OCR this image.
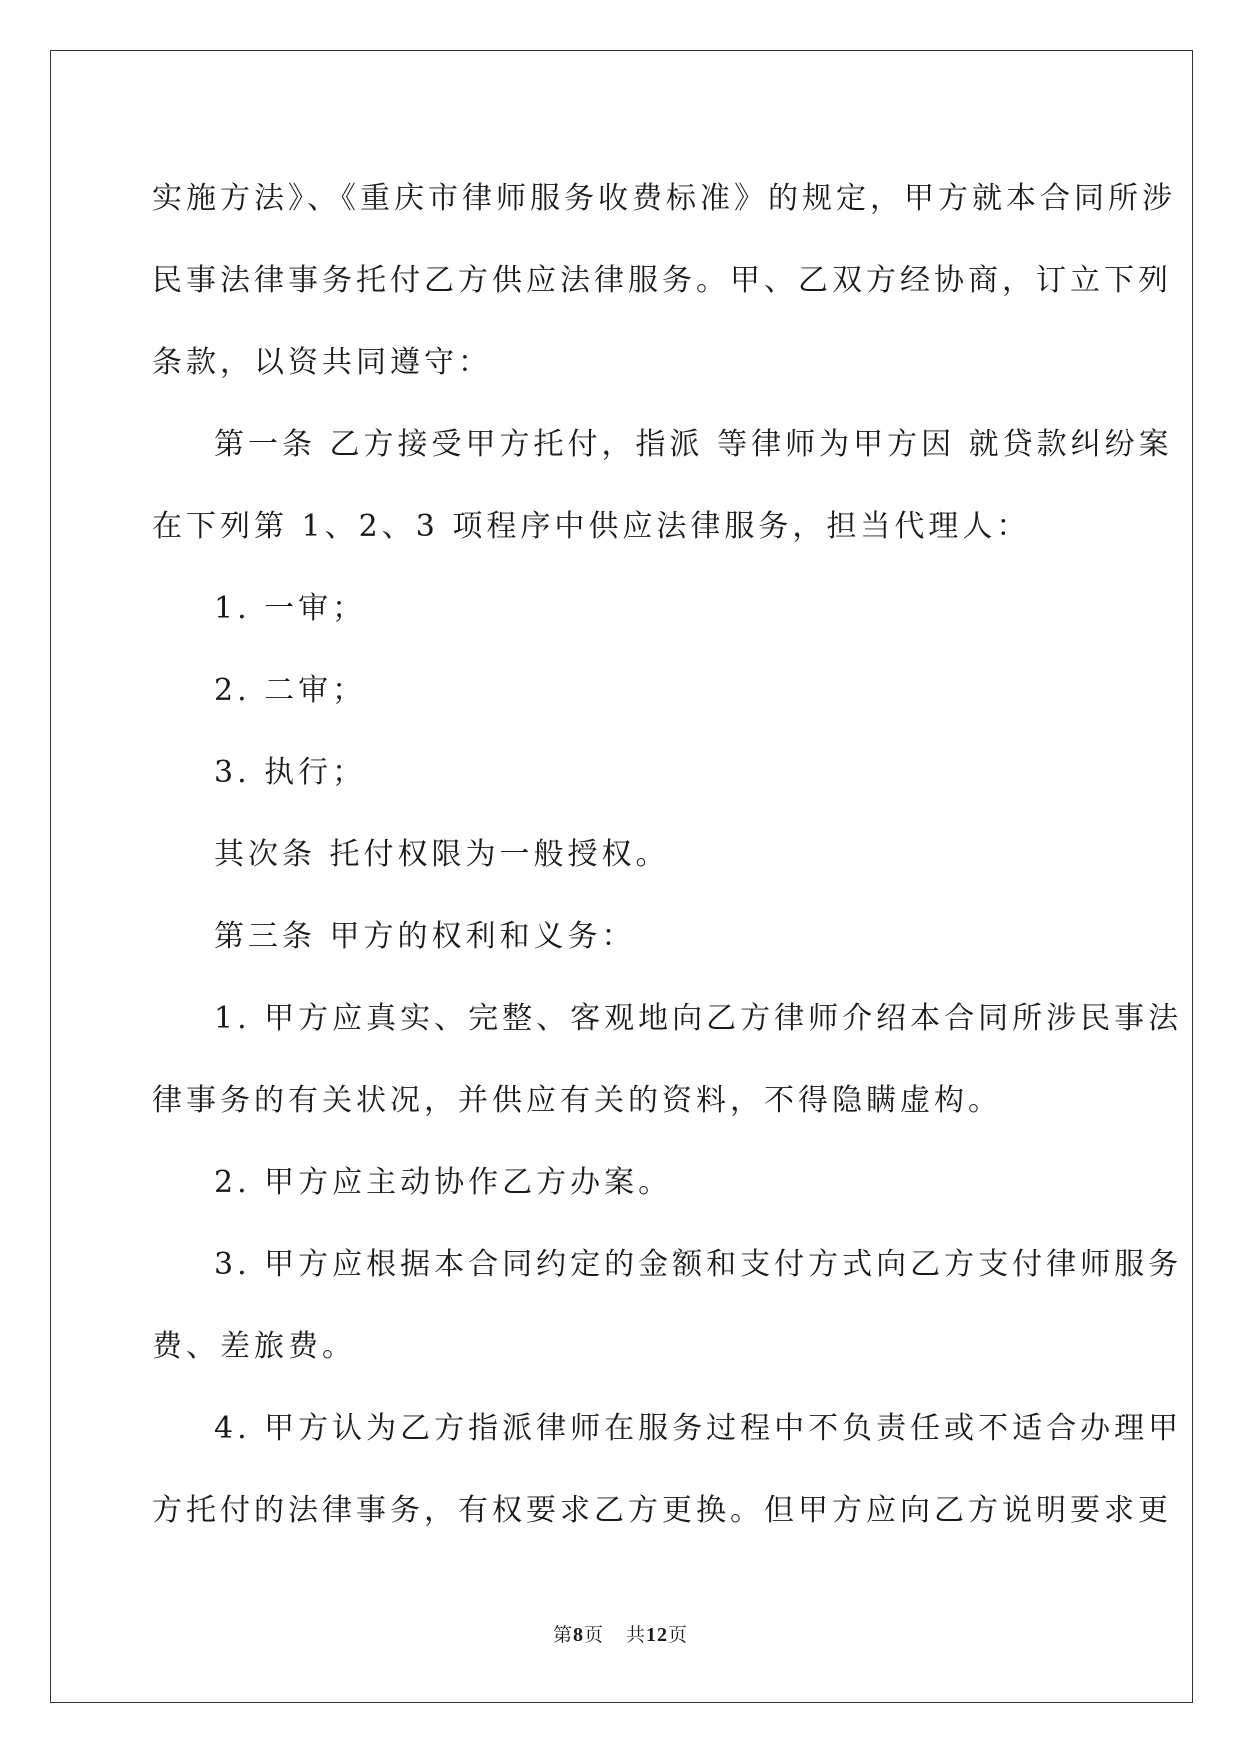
实施方法》、《重庆市律师服务收费标准》的规定，甲方就本合同所涉
民事法律事务托付乙方供应法律服务。甲、乙双方经协商，订立下列
条款，以资共同遵守：
第一条 乙方接受甲方托付，指派 等律师为甲方因 就贷款纠纷案
在下列第 1、2、3 项程序中供应法律服务，担当代理人：
1. 一审；
2. 二审；
3. 执行；
其次条 托付权限为一般授权。
第三条 甲方的权利和义务：
1. 甲方应真实、完整、客观地向乙方律师介绍本合同所涉民事法
律事务的有关状况，并供应有关的资料，不得隐瞒虚构。
2. 甲方应主动协作乙方办案。
3. 甲方应根据本合同约定的金额和支付方式向乙方支付律师服务
费、差旅费。
4. 甲方认为乙方指派律师在服务过程中不负责任或不适合办理甲
方托付的法律事务，有权要求乙方更换。但甲方应向乙方说明要求更
第8页 共12页
